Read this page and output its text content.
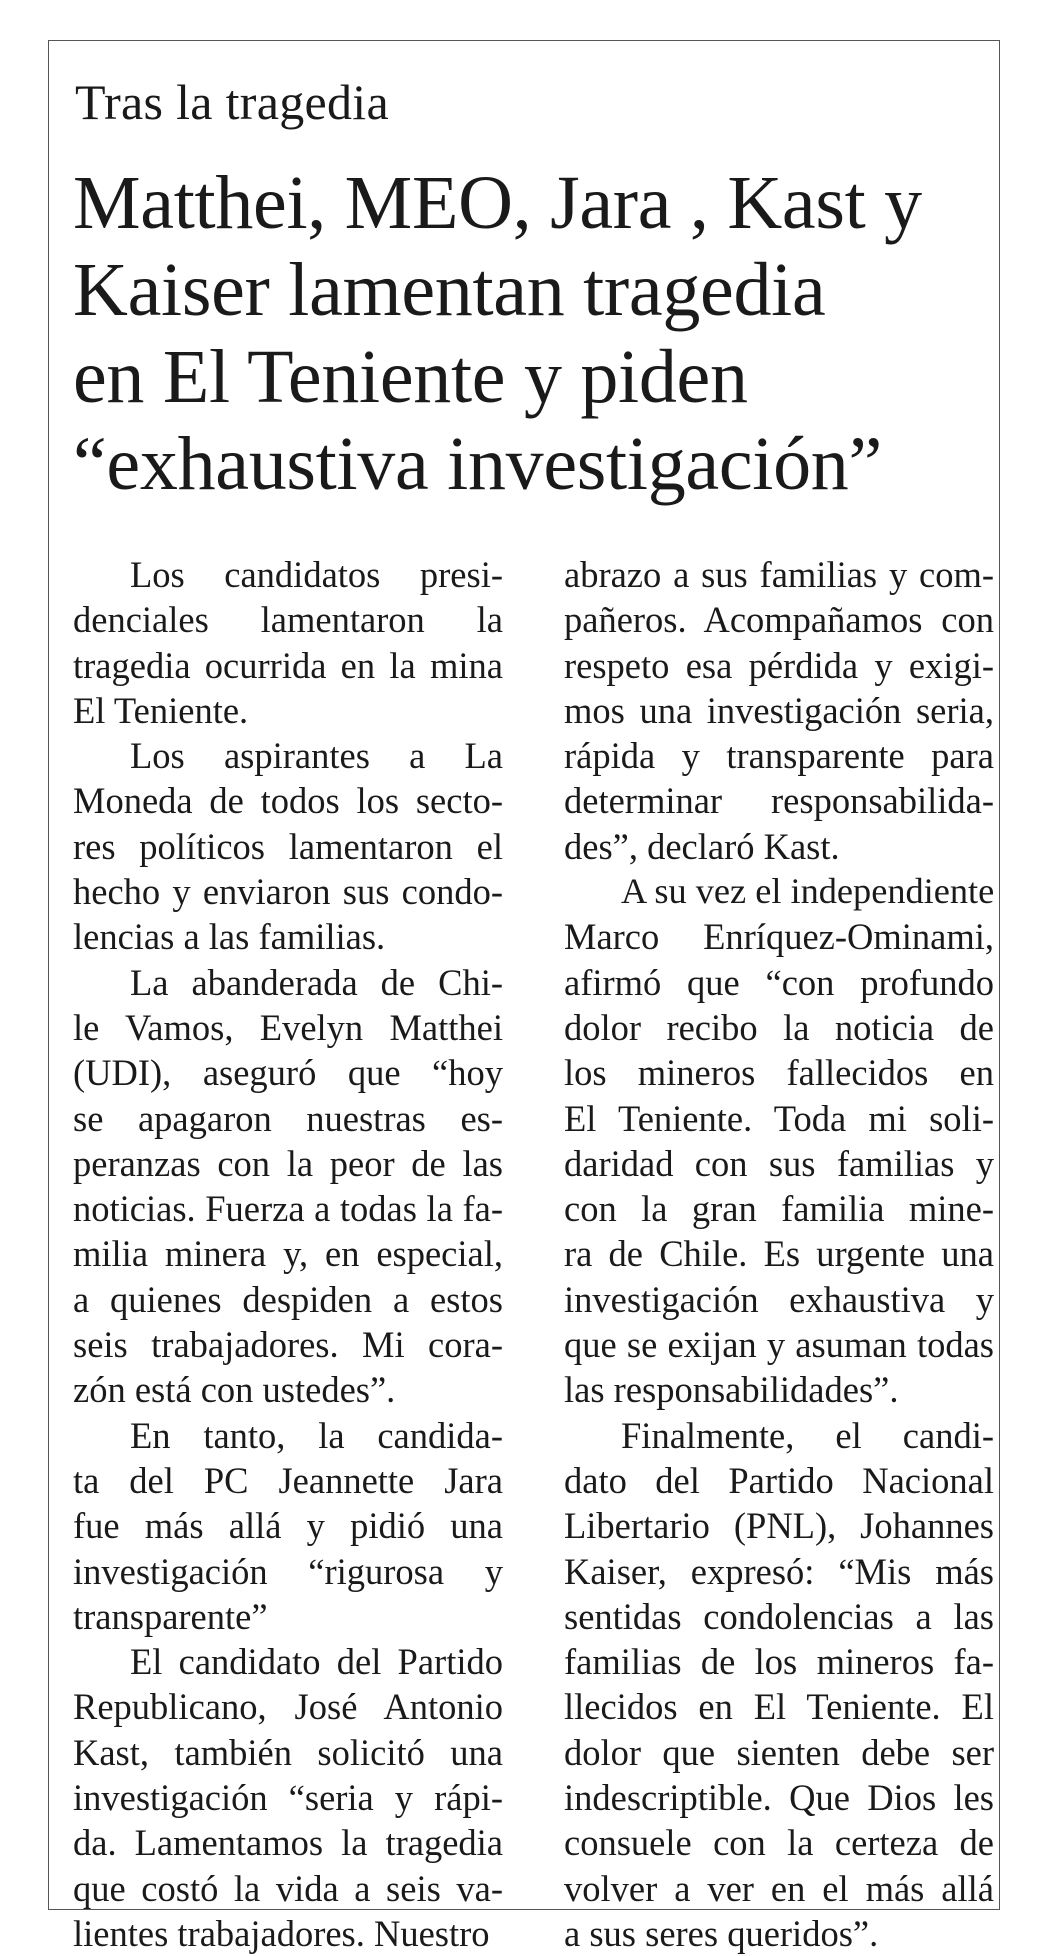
Tras la tragedia
Matthei, MEO, Jara , Kast y
Kaiser lamentan tragedia
en El Teniente y piden
“exhaustiva investigación”
Los candidatos presi-
denciales lamentaron la
tragedia ocurrida en la mina
El Teniente.
Los aspirantes a La
Moneda de todos los secto-
res políticos lamentaron el
hecho y enviaron sus condo-
lencias a las familias.
La abanderada de Chi-
le Vamos, Evelyn Matthei
(UDI), aseguró que “hoy
se apagaron nuestras es-
peranzas con la peor de las
noticias. Fuerza a todas la fa-
milia minera y, en especial,
a quienes despiden a estos
seis trabajadores. Mi cora-
zón está con ustedes”.
En tanto, la candida-
ta del PC Jeannette Jara
fue más allá y pidió una
investigación “rigurosa y
transparente”
El candidato del Partido
Republicano, José Antonio
Kast, también solicitó una
investigación “seria y rápi-
da. Lamentamos la tragedia
que costó la vida a seis va-
lientes trabajadores. Nuestro
abrazo a sus familias y com-
pañeros. Acompañamos con
respeto esa pérdida y exigi-
mos una investigación seria,
rápida y transparente para
determinar responsabilida-
des”, declaró Kast.
A su vez el independiente
Marco Enríquez-Ominami,
afirmó que “con profundo
dolor recibo la noticia de
los mineros fallecidos en
El Teniente. Toda mi soli-
daridad con sus familias y
con la gran familia mine-
ra de Chile. Es urgente una
investigación exhaustiva y
que se exijan y asuman todas
las responsabilidades”.
Finalmente, el candi-
dato del Partido Nacional
Libertario (PNL), Johannes
Kaiser, expresó: “Mis más
sentidas condolencias a las
familias de los mineros fa-
llecidos en El Teniente. El
dolor que sienten debe ser
indescriptible. Que Dios les
consuele con la certeza de
volver a ver en el más allá
a sus seres queridos”.
